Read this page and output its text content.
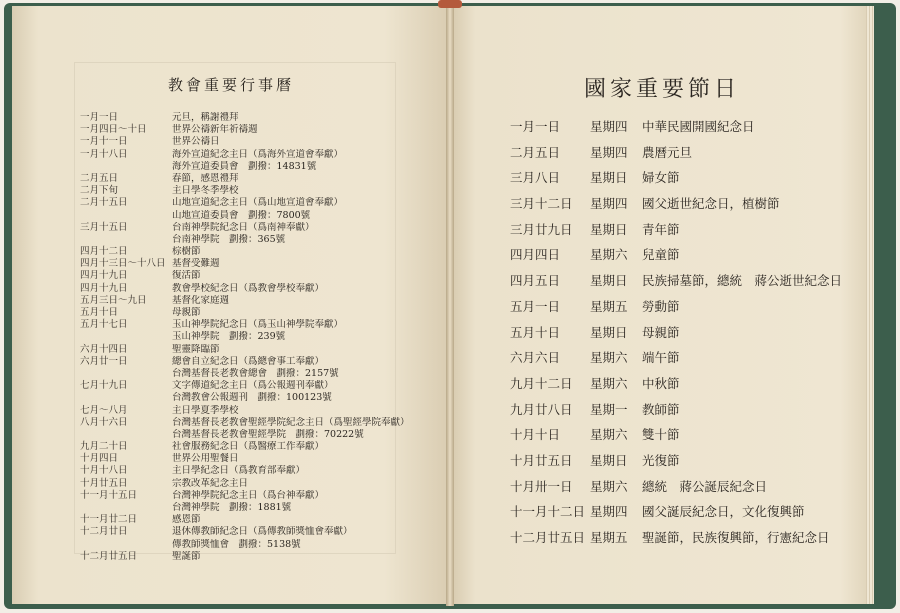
教會重要行事曆
一月一日	元旦，稱謝禮拜
一月四日～十日	世界公禱新年祈禱週
一月十一日	世界公禱日
一月十八日	海外宣道紀念主日（爲海外宣道會奉獻）
海外宣道委員會　劃撥：14831號
二月五日	春節，感恩禮拜
二月下旬	主日學冬季學校
二月十五日	山地宣道紀念主日（爲山地宣道會奉獻）
山地宣道委員會　劃撥：7800號
三月十五日	台南神學院紀念日（爲南神奉獻）
台南神學院　劃撥：365號
四月十二日	棕樹節
四月十三日～十八日 基督受難週
四月十九日	復活節
四月十九日	教會學校紀念日（爲教會學校奉獻）
五月三日～九日	基督化家庭週
五月十日	母親節
五月十七日	玉山神學院紀念日（爲玉山神學院奉獻）
玉山神學院　劃撥：239號
六月十四日	聖靈降臨節
六月廿一日	總會自立紀念日（爲總會事工奉獻）
台灣基督長老教會總會　劃撥：2157號
七月十九日	文字傳道紀念主日（爲公報週刊奉獻）
台灣教會公報週刊　劃撥：100123號
七月～八月	主日學夏季學校
八月十六日	台灣基督長老教會聖經學院紀念主日（爲聖經學院奉獻）
台灣基督長老教會聖經學院　劃撥：70222號
九月二十日	社會服務紀念日（爲醫療工作奉獻）
十月四日	世界公用聖餐日
十月十八日	主日學紀念日（爲教育部奉獻）
十月廿五日	宗教改革紀念主日
十一月十五日	台灣神學院紀念主日（爲台神奉獻）
台灣神學院　劃撥：1881號
十一月廿二日	感恩節
十二月廿日	退休傳教師紀念日（爲傳教師獎恤會奉獻）
傳教師獎恤會　劃撥：5138號
十二月廿五日	聖誕節
國家重要節日
一月一日	星期四	中華民國開國紀念日
二月五日	星期四	農曆元旦
三月八日	星期日	婦女節
三月十二日	星期四	國父逝世紀念日，植樹節
三月廿九日	星期日	青年節
四月四日	星期六	兒童節
四月五日	星期日	民族掃墓節，總統　蔣公逝世紀念日
五月一日	星期五	勞動節
五月十日	星期日	母親節
六月六日	星期六	端午節
九月十二日	星期六	中秋節
九月廿八日	星期一	教師節
十月十日	星期六	雙十節
十月廿五日	星期日	光復節
十月卅一日	星期六	總統　蔣公誕辰紀念日
十一月十二日 星期四	國父誕辰紀念日，文化復興節
十二月廿五日 星期五	聖誕節，民族復興節，行憲紀念日
